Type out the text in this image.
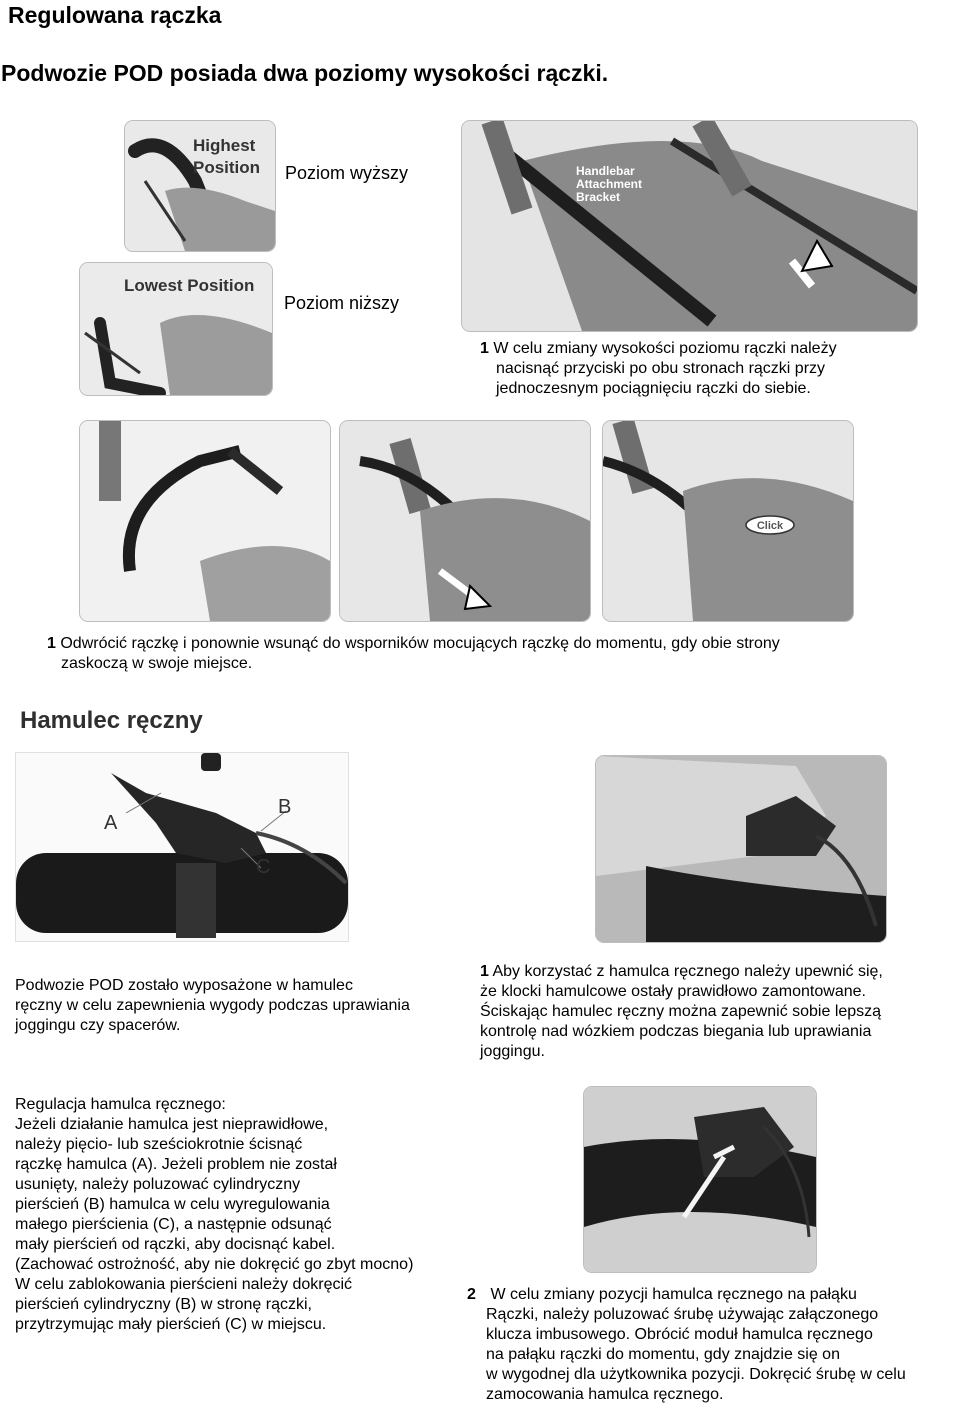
Regulowana rączka
Podwozie POD posiada dwa poziomy wysokości rączki.
Highest
Position Poziom wyższy
Lowest Position
Poziom niższy
Handlebar
Attachment
Bracket
1 W celu zmiany wysokości poziomu rączki należy
nacisnąć przyciski po obu stronach rączki przy
jednoczesnym pociągnięciu rączki do siebie.
Click
1 Odwrócić rączkę i ponownie wsunąć do wsporników mocujących rączkę do momentu, gdy obie strony
zaskoczą w swoje miejsce.
Hamulec ręczny
A
B
C
Podwozie POD zostało wyposażone w hamulec
ręczny w celu zapewnienia wygody podczas uprawiania
joggingu czy spacerów.
1 Aby korzystać z hamulca ręcznego należy upewnić się,
że klocki hamulcowe ostały prawidłowo zamontowane.
Ściskając hamulec ręczny można zapewnić sobie lepszą
kontrolę nad wózkiem podczas biegania lub uprawiania
joggingu.
Regulacja hamulca ręcznego:
Jeżeli działanie hamulca jest nieprawidłowe,
należy pięcio- lub sześciokrotnie ścisnąć
rączkę hamulca (A). Jeżeli problem nie został
usunięty, należy poluzować cylindryczny
pierścień (B) hamulca w celu wyregulowania
małego pierścienia (C), a następnie odsunąć
mały pierścień od rączki, aby docisnąć kabel.
(Zachować ostrożność, aby nie dokręcić go zbyt mocno)
W celu zablokowania pierścieni należy dokręcić
pierścień cylindryczny (B) w stronę rączki,
przytrzymując mały pierścień (C) w miejscu.
2 W celu zmiany pozycji hamulca ręcznego na pałąku
Rączki, należy poluzować śrubę używając załączonego
klucza imbusowego. Obrócić moduł hamulca ręcznego
na pałąku rączki do momentu, gdy znajdzie się on
w wygodnej dla użytkownika pozycji. Dokręcić śrubę w celu
zamocowania hamulca ręcznego.
